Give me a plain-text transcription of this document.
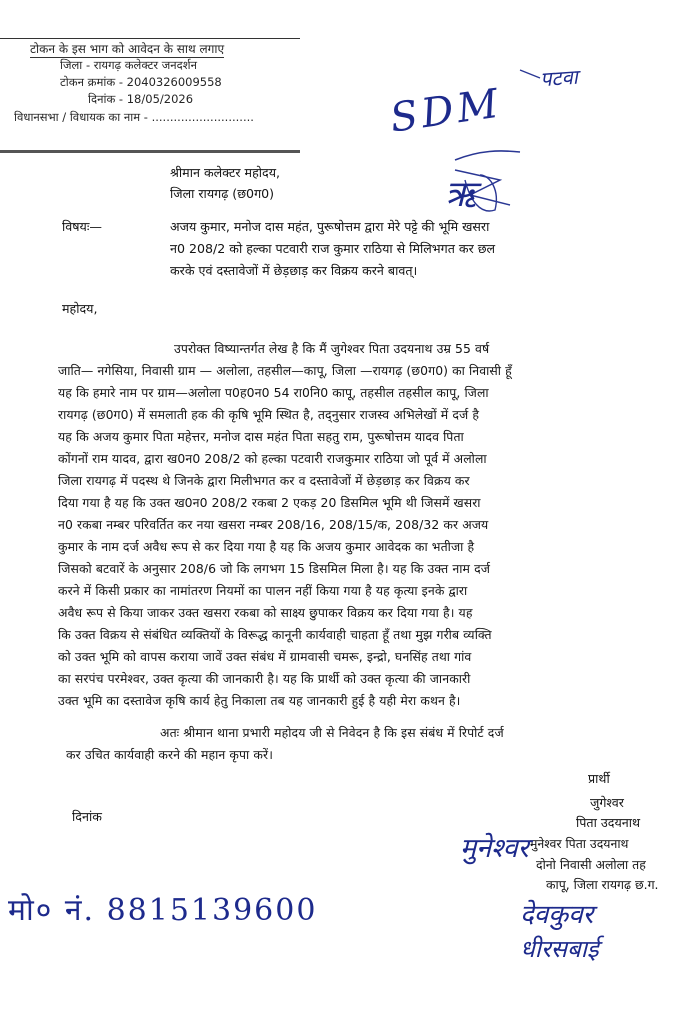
टोकन के इस भाग को आवेदन के साथ लगाए
जिला - रायगढ़ कलेक्टर जनदर्शन
टोकन क्रमांक - 2040326009558
दिनांक - 18/05/2026
विधानसभा / विधायक का नाम - ............................	SDM
पटवा
ऋ
श्रीमान कलेक्टर महोदय,
जिला रायगढ़ (छ0ग0)
विषयः—	अजय कुमार, मनोज दास महंत, पुरूषोत्तम द्वारा मेरे पट्टे की भूमि खसरा
न0 208/2 को हल्का पटवारी राज कुमार राठिया से मिलिभगत कर छल
करके एवं दस्तावेजों में छेड़छाड़ कर विक्रय करने बावत्।
महोदय,
उपरोक्त विष्यान्तर्गत लेख है कि मैं जुगेश्वर पिता उदयनाथ उम्र 55 वर्ष
जाति— नगेसिया, निवासी ग्राम — अलोला, तहसील—कापू, जिला —रायगढ़ (छ0ग0) का निवासी हूँ
यह कि हमारे नाम पर ग्राम—अलोला प0ह0न0 54 रा0नि0 कापू, तहसील तहसील कापू, जिला
रायगढ़ (छ0ग0) में समलाती हक की कृषि भूमि स्थित है, तद्नुसार राजस्व अभिलेखों में दर्ज है
यह कि अजय कुमार पिता महेत्तर, मनोज दास महंत पिता सहतु राम, पुरूषोत्तम यादव पिता
कोंगनों राम यादव, द्वारा ख0न0 208/2 को हल्का पटवारी राजकुमार राठिया जो पूर्व में अलोला
जिला रायगढ़ में पदस्थ थे जिनके द्वारा मिलीभगत कर व दस्तावेजों में छेड़छाड़ कर विक्रय कर
दिया गया है यह कि उक्त ख0न0 208/2 रकबा 2 एकड़ 20 डिसमिल भूमि थी जिसमें खसरा
न0 रकबा नम्बर परिवर्तित कर नया खसरा नम्बर 208/16, 208/15/क, 208/32 कर अजय
कुमार के नाम दर्ज अवैध रूप से कर दिया गया है यह कि अजय कुमार आवेदक का भतीजा है
जिसको बटवारें के अनुसार 208/6 जो कि लगभग 15 डिसमिल मिला है। यह कि उक्त नाम दर्ज
करने में किसी प्रकार का नामांतरण नियमों का पालन नहीं किया गया है यह कृत्या इनके द्वारा
अवैध रूप से किया जाकर उक्त खसरा रकबा को साक्ष्य छुपाकर विक्रय कर दिया गया है। यह
कि उक्त विक्रय से संबंधित व्यक्तियों के विरूद्ध कानूनी कार्यवाही चाहता हूँ तथा मुझ गरीब व्यक्ति
को उक्त भूमि को वापस कराया जावें उक्त संबंध में ग्रामवासी चमरू, इन्द्रो, घनसिंह तथा गांव
का सरपंच परमेश्वर, उक्त कृत्या की जानकारी है। यह कि प्रार्थी को उक्त कृत्या की जानकारी
उक्त भूमि का दस्तावेज कृषि कार्य हेतु निकाला तब यह जानकारी हुई है यही मेरा कथन है।
अतः श्रीमान थाना प्रभारी महोदय जी से निवेदन है कि इस संबंध में रिपोर्ट दर्ज
कर उचित कार्यवाही करने की महान कृपा करें।
प्रार्थी
जुगेश्वर
पिता उदयनाथ
दिनांक
मुनेश्वर पिता उदयनाथ
दोनो निवासी अलोला तह
कापू, जिला रायगढ़ छ.ग.
मुनेश्वर
मो० नं. 8815139600	देवकुवर
धीरसबाई
